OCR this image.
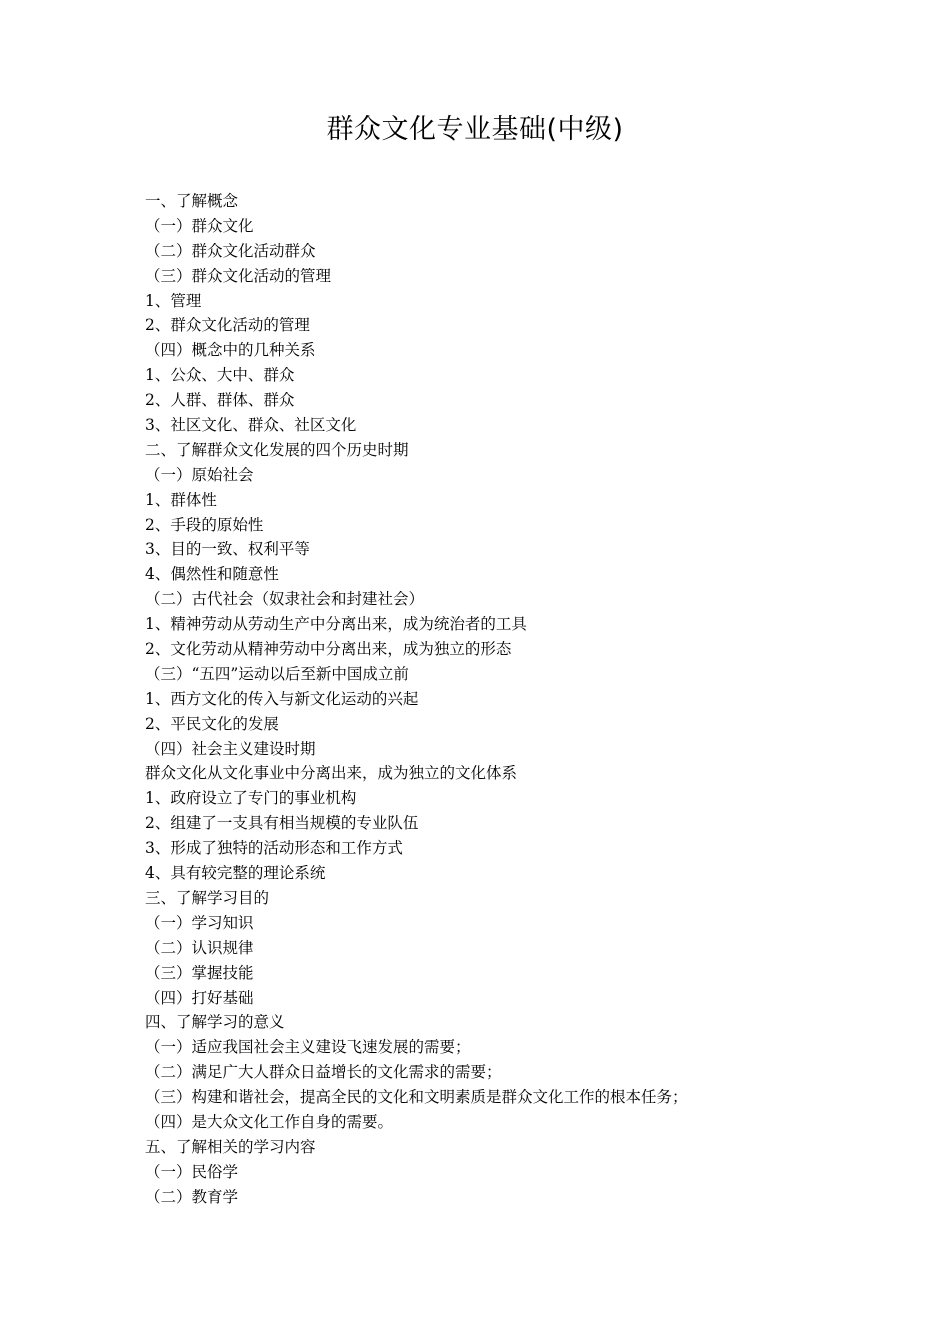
群众文化专业基础(中级)
一、了解概念
（一）群众文化
（二）群众文化活动群众
（三）群众文化活动的管理
1、管理
2、群众文化活动的管理
（四）概念中的几种关系
1、公众、大中、群众
2、人群、群体、群众
3、社区文化、群众、社区文化
二、了解群众文化发展的四个历史时期
（一）原始社会
1、群体性
2、手段的原始性
3、目的一致、权利平等
4、偶然性和随意性
（二）古代社会（奴隶社会和封建社会）
1、精神劳动从劳动生产中分离出来，成为统治者的工具
2、文化劳动从精神劳动中分离出来，成为独立的形态
（三）“五四”运动以后至新中国成立前
1、西方文化的传入与新文化运动的兴起
2、平民文化的发展
（四）社会主义建设时期
群众文化从文化事业中分离出来，成为独立的文化体系
1、政府设立了专门的事业机构
2、组建了一支具有相当规模的专业队伍
3、形成了独特的活动形态和工作方式
4、具有较完整的理论系统
三、了解学习目的
（一）学习知识
（二）认识规律
（三）掌握技能
（四）打好基础
四、了解学习的意义
（一）适应我国社会主义建设飞速发展的需要；
（二）满足广大人群众日益增长的文化需求的需要；
（三）构建和谐社会，提高全民的文化和文明素质是群众文化工作的根本任务；
（四）是大众文化工作自身的需要。
五、了解相关的学习内容
（一）民俗学
（二）教育学
